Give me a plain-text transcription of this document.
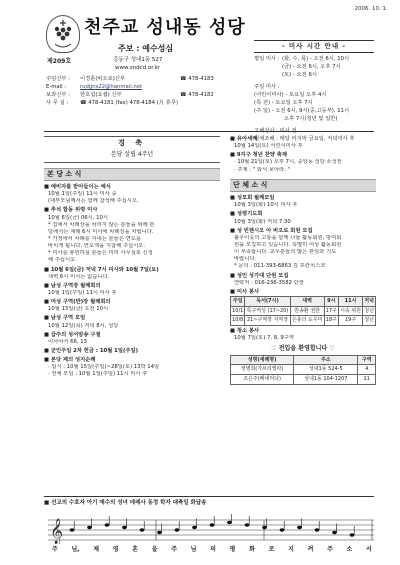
2006. 10. 1
천주교 성내동 성당
주보 : 예수성심
제209호	강동구 성내1동 527
www.sndcd.or.kr
주임신부 :	이경훈(바오로)신부	☎ 478-4183
E-mail :	rudgns22@hanmail.net
보좌신부 :	한호섭(요셉) 신부	☎ 478-4182
사 무 실 :	☎ 478-4181 (fax) 478-4184 (月 휴무)
- 미사 시간 안내 -
평일 미사 : (화, 수, 목) - 오전 6시, 10시
(금) - 오전 6시, 오후 7시
(토) - 오전 6시
주일 미사 :
(어린이미사) - 토요일 오후 4시
(특 전) - 토요일 오후 7시
(주 일) - 오전 6시, 9시(중,고등부), 11시
오후 7시(청년 및 일반)
성체조배 : 매달 마지막 금요일, 저녁미사 후
경 축
본당 설립 4주년
본 당 소 식
■ 예비자를 받아들이는 예식
10월 1일(주일) 11시 미사 중
(대부모님께서는 함께 참석해 주십시오.
■ 추석 합동 위령 미사
10월 6일(금) 06시, 10시
* 집에서 차례상을 차리지 않는 분들을 위해 본
당에서는 재례 6시 미사에 차례상을 차립니다.
* 가정에서 차례를 지내는 분들은 연도를
바치게 됩니다. 연도책을 지참해 주십시오.
* 미사를 봉헌하실 분들은 미리 사무실로 신청
해 주십시오.
■ 10월 6일(금) 저녁 7시 미사와 10월 7일(토)
새벽 6시 미사는 없습니다.
■ 남성 구역장 월례회의
10월 1일(주일) 11시 미사 후
■ 여성 구역(반)장 월례회의
10월 13일(금) 오전 10시
■ 남성 구역 모임
10월 12일(목) 저녁 8시, 성당
■ 급주의 성서암송 구절
이사야서 66, 13
■ 군인주일 2차 헌금 : 10월 1일(주일)
■ 본당 제의 성지순례
· 일시 : 10월 15일(주일)~28일(토) 13박 14일
· 전체 모임 : 10월 1일(주일) 11시 미사 후
■ 유아세례
10월 14일(토) 어린이미사 후
■ 9지구 청년 찬양 축제
· 10월 21일(토) 오후 7시, 중앙동 성당 소성전
· 주제 : " 와서 보아라. "
단 체 소 식
■ 성모회 월례모임
10월 3일(화) 10시 미사 후
■ 성령기도회
10월 3일(화) 저녁 7:30
■ 성 빈첸시오 아 바오로 회원 모집
불우이웃의 고통을 함께 나눌 활동회원, 방여회
원을 모집하고 있습니다. 특별히 여성 활동회원
이 부족합니다. 교우분들의 많은 관심과 기도
바랍니다.
* 문의 : 011-393-6863 김 프란치스코
■ 성인 성가대 단원 모집
연락처 : 016-236-3582 단장
■ 미사 봉사
주일	독서(7시)	새벽	9시	11시	저녁
10/1	특구역성 (17~20)	반송환 권한	17구	시속 위원	청년
10/8	21~구역장 지역장	은총의 도우미	18구	19구	청년
■ 청소 봉사
10월 7일(토) 7, 8, 9구역
♡ 전입을 환영합니다 ♡
성명(세례명)	주소	구역
정병희(가브리엘라)	성내1동 524-5	4
조은주(베네딕다)	성내1동 104-1207	11
■ 선교의 수호자 아기 예수의 성녀 데레사 동정 학자 대축일 화답송
𝄞
주 님, 제 영 혼 을 주 님 의 평 화 로 지 켜 주 소 서
